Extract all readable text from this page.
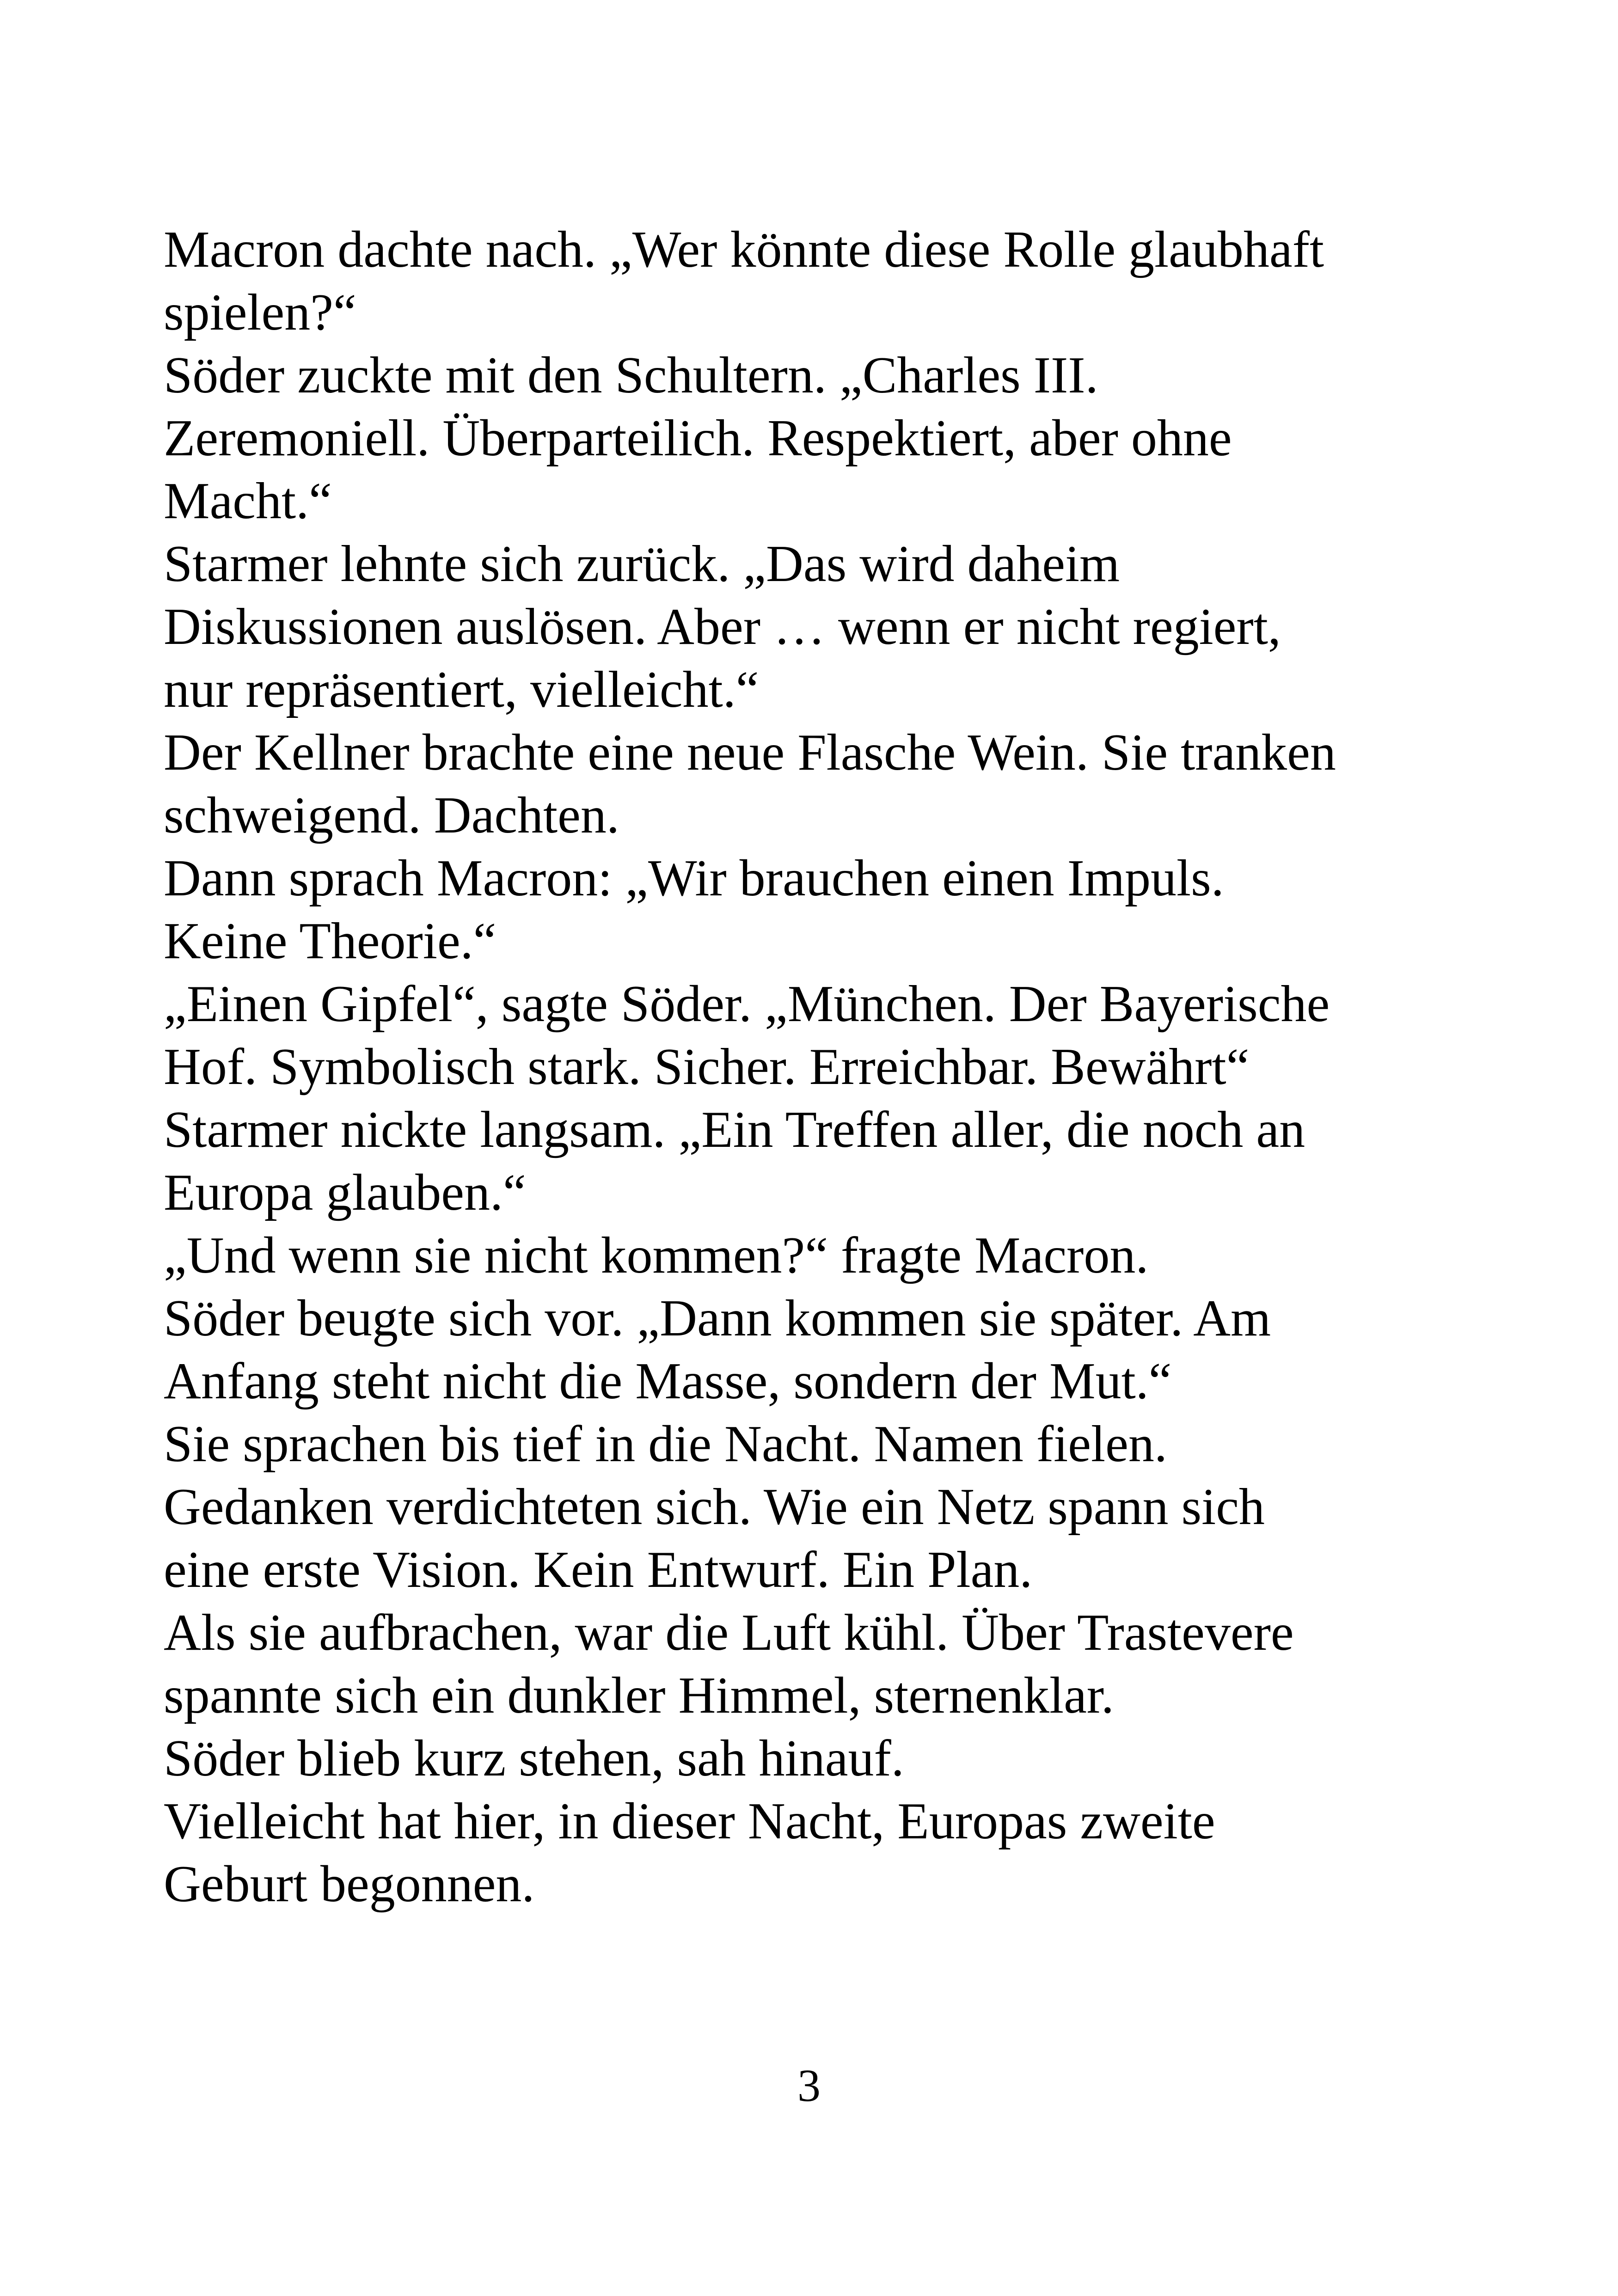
Macron dachte nach. „Wer könnte diese Rolle glaubhaft
spielen?“
Söder zuckte mit den Schultern. „Charles III.
Zeremoniell. Überparteilich. Respektiert, aber ohne
Macht.“
Starmer lehnte sich zurück. „Das wird daheim
Diskussionen auslösen. Aber … wenn er nicht regiert,
nur repräsentiert, vielleicht.“
Der Kellner brachte eine neue Flasche Wein. Sie tranken
schweigend. Dachten.
Dann sprach Macron: „Wir brauchen einen Impuls.
Keine Theorie.“
„Einen Gipfel“, sagte Söder. „München. Der Bayerische
Hof. Symbolisch stark. Sicher. Erreichbar. Bewährt“
Starmer nickte langsam. „Ein Treffen aller, die noch an
Europa glauben.“
„Und wenn sie nicht kommen?“ fragte Macron.
Söder beugte sich vor. „Dann kommen sie später. Am
Anfang steht nicht die Masse, sondern der Mut.“
Sie sprachen bis tief in die Nacht. Namen fielen.
Gedanken verdichteten sich. Wie ein Netz spann sich
eine erste Vision. Kein Entwurf. Ein Plan.
Als sie aufbrachen, war die Luft kühl. Über Trastevere
spannte sich ein dunkler Himmel, sternenklar.
Söder blieb kurz stehen, sah hinauf.
Vielleicht hat hier, in dieser Nacht, Europas zweite
Geburt begonnen.
3
